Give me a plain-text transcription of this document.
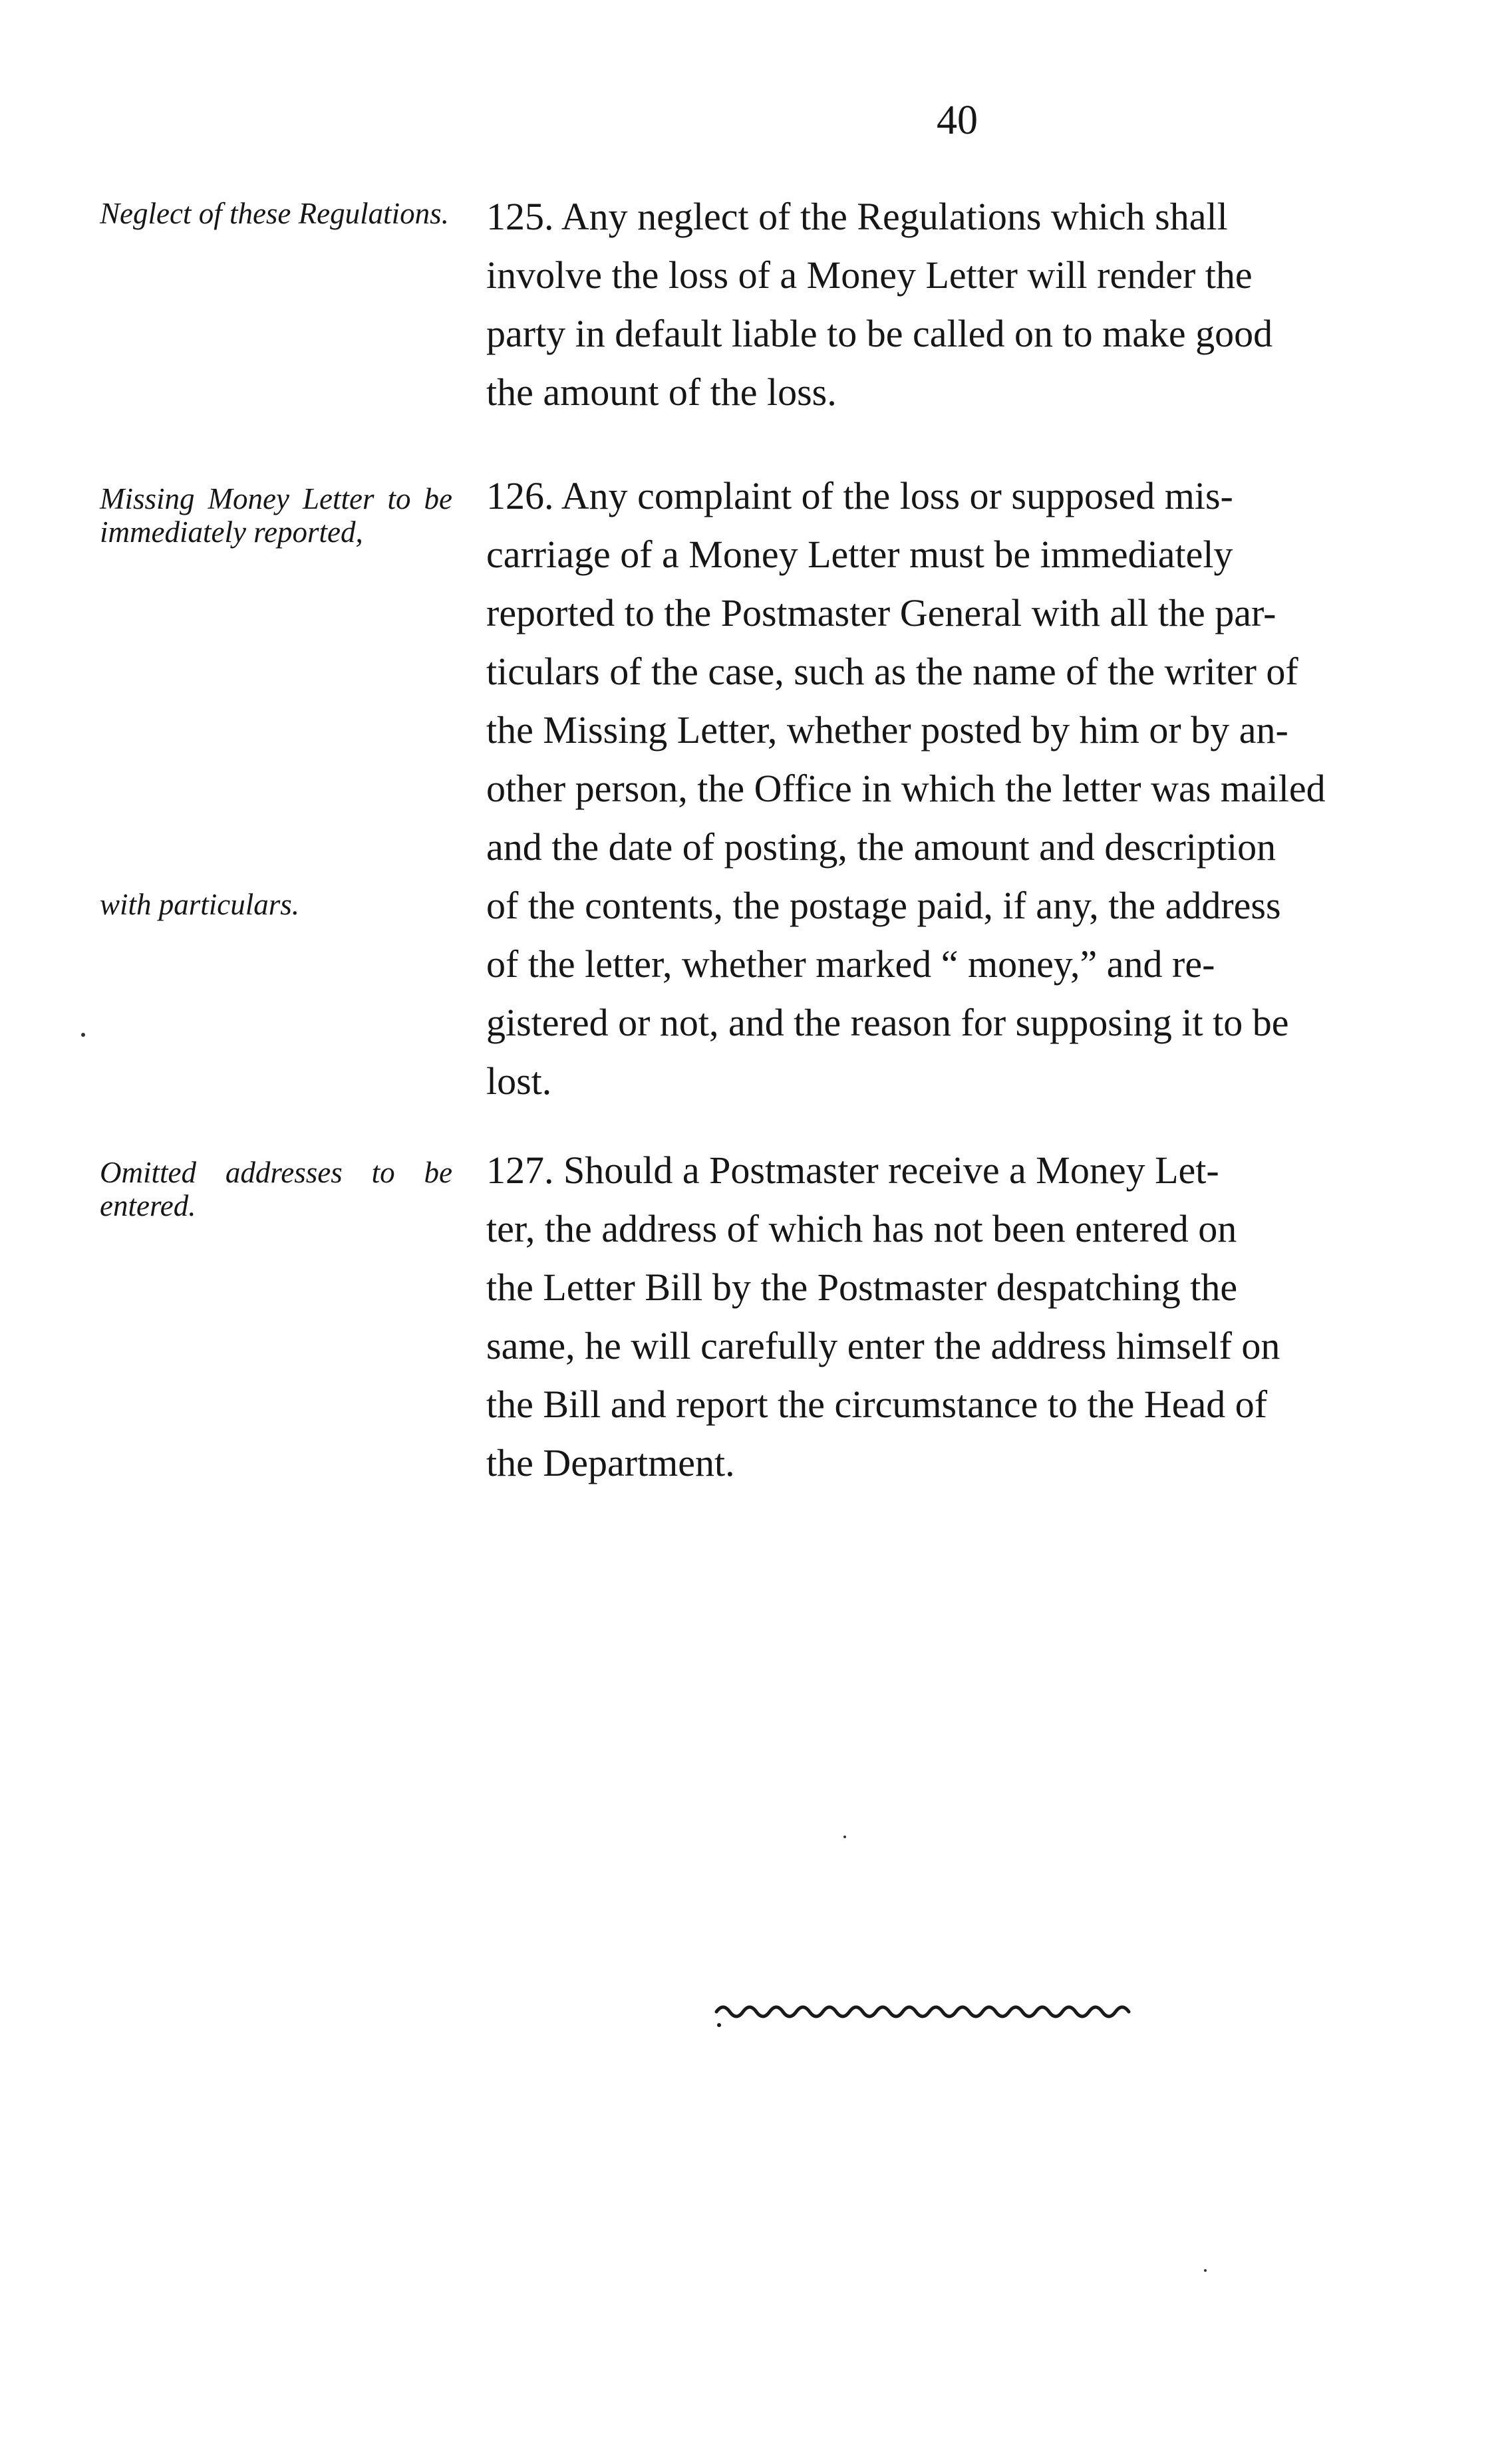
40
Neglect of these Regulations. 125. Any neglect of the Regulations which shall
involve the loss of a Money Letter will render the
party in default liable to be called on to make good
the amount of the loss.

Missing Money Letter to be immediately reported,
with particulars.

126. Any complaint of the loss or supposed mis-
carriage of a Money Letter must be immediately
reported to the Postmaster General with all the par-
ticulars of the case, such as the name of the writer of
the Missing Letter, whether posted by him or by an-
other person, the Office in which the letter was mailed
and the date of posting, the amount and description
of the contents, the postage paid, if any, the address
of the letter, whether marked “ money,” and re-
gistered or not, and the reason for supposing it to be
lost.

Omitted addresses to be entered.

127. Should a Postmaster receive a Money Let-
ter, the address of which has not been entered on
the Letter Bill by the Postmaster despatching the
same, he will carefully enter the address himself on
the Bill and report the circumstance to the Head of
the Department.
